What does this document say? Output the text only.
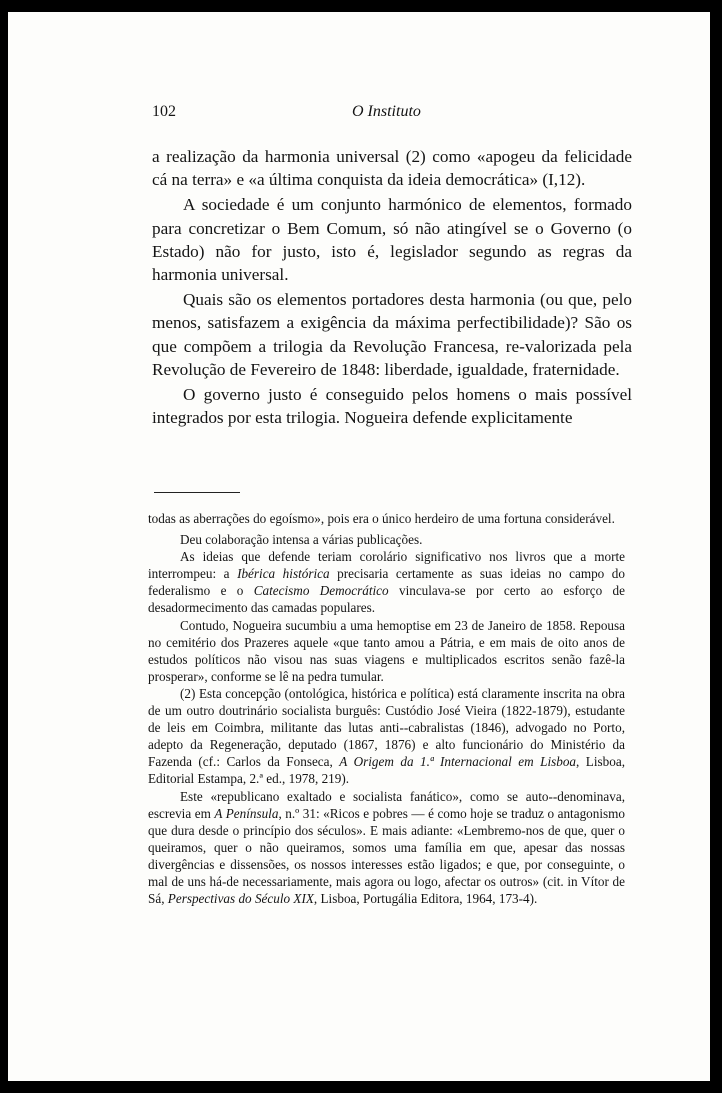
102	O Instituto

a realização da harmonia universal (2) como «apogeu da felicidade cá na terra» e «a última conquista da ideia democrática» (I,12).

A sociedade é um conjunto harmónico de elementos, formado para concretizar o Bem Comum, só não atingível se o Governo (o Estado) não for justo, isto é, legislador segundo as regras da harmonia universal.

Quais são os elementos portadores desta harmonia (ou que, pelo menos, satisfazem a exigência da máxima perfectibilidade)? São os que compõem a trilogia da Revolução Francesa, re-valorizada pela Revolução de Fevereiro de 1848: liberdade, igualdade, fraternidade.

O governo justo é conseguido pelos homens o mais possível integrados por esta trilogia. Nogueira defende explicitamente

todas as aberrações do egoísmo», pois era o único herdeiro de uma fortuna considerável.

Deu colaboração intensa a várias publicações.

As ideias que defende teriam corolário significativo nos livros que a morte interrompeu: a Ibérica histórica precisaria certamente as suas ideias no campo do federalismo e o Catecismo Democrático vinculava-se por certo ao esforço de desadormecimento das camadas populares.

Contudo, Nogueira sucumbiu a uma hemoptise em 23 de Janeiro de 1858. Repousa no cemitério dos Prazeres aquele «que tanto amou a Pátria, e em mais de oito anos de estudos políticos não visou nas suas viagens e multiplicados escritos senão fazê-la prosperar», conforme se lê na pedra tumular.

(2) Esta concepção (ontológica, histórica e política) está claramente inscrita na obra de um outro doutrinário socialista burguês: Custódio José Vieira (1822-1879), estudante de leis em Coimbra, militante das lutas anti--cabralistas (1846), advogado no Porto, adepto da Regeneração, deputado (1867, 1876) e alto funcionário do Ministério da Fazenda (cf.: Carlos da Fonseca, A Origem da 1.ª Internacional em Lisboa, Lisboa, Editorial Estampa, 2.ª ed., 1978, 219).

Este «republicano exaltado e socialista fanático», como se auto--denominava, escrevia em A Península, n.º 31: «Ricos e pobres — é como hoje se traduz o antagonismo que dura desde o princípio dos séculos». E mais adiante: «Lembremo-nos de que, quer o queiramos, quer o não queiramos, somos uma família em que, apesar das nossas divergências e dissensões, os nossos interesses estão ligados; e que, por conseguinte, o mal de uns há-de necessariamente, mais agora ou logo, afectar os outros» (cit. in Vítor de Sá, Perspectivas do Século XIX, Lisboa, Portugália Editora, 1964, 173-4).
